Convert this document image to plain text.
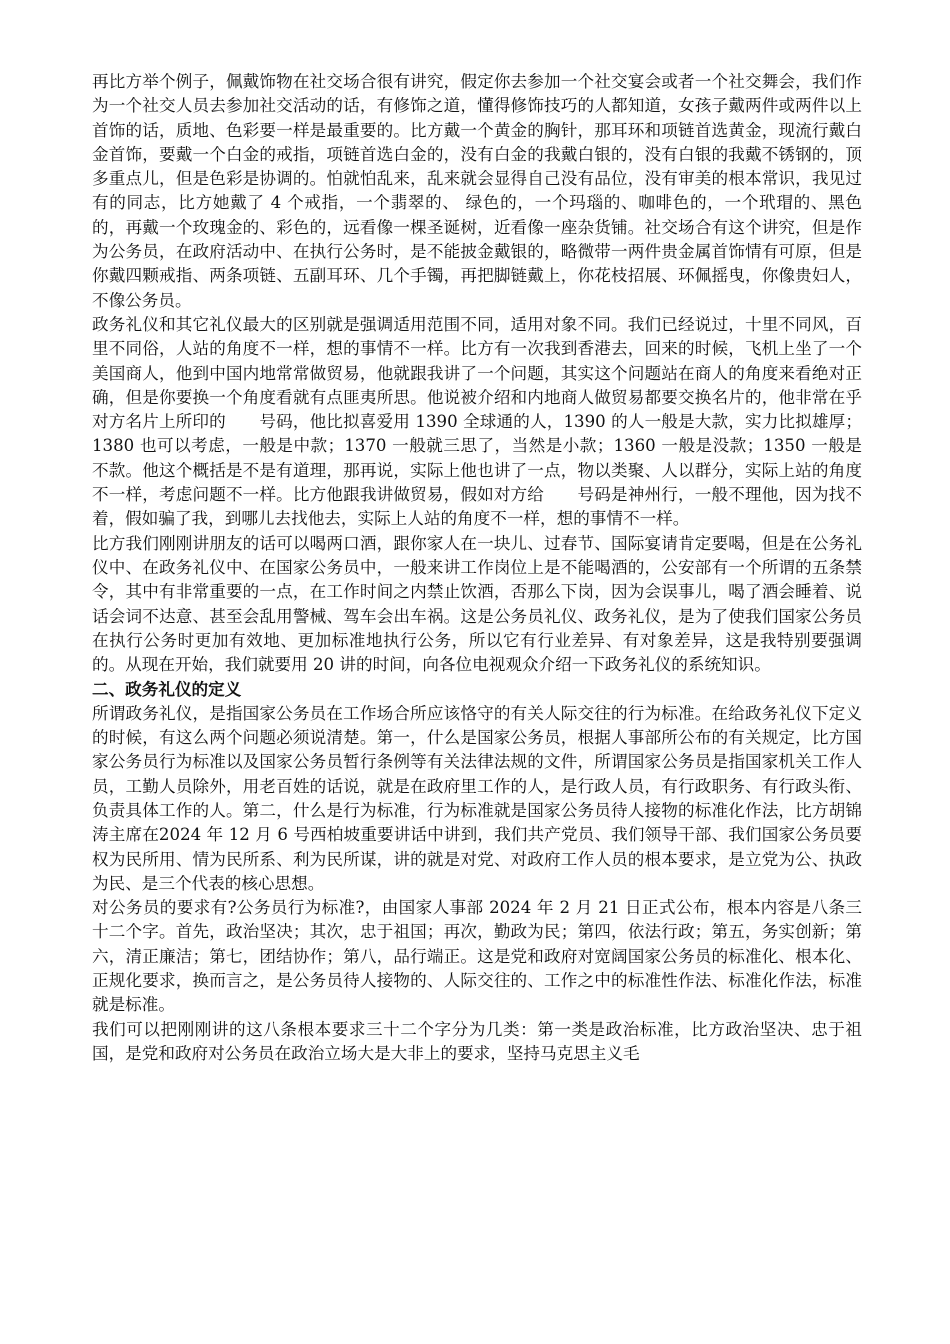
再比方举个例子，佩戴饰物在社交场合很有讲究，假定你去参加一个社交宴会或者一个社交舞会，我们作为一个社交人员去参加社交活动的话，有修饰之道，懂得修饰技巧的人都知道，女孩子戴两件或两件以上首饰的话，质地、色彩要一样是最重要的。比方戴一个黄金的胸针，那耳环和项链首选黄金，现流行戴白金首饰，要戴一个白金的戒指，项链首选白金的，没有白金的我戴白银的，没有白银的我戴不锈钢的，顶多重点儿，但是色彩是协调的。怕就怕乱来，乱来就会显得自己没有品位，没有审美的根本常识，我见过有的同志，比方她戴了 4 个戒指，一个翡翠的、 绿色的，一个玛瑙的、咖啡色的，一个玳瑁的、黑色的，再戴一个玫瑰金的、彩色的，远看像一棵圣诞树，近看像一座杂货铺。社交场合有这个讲究，但是作为公务员，在政府活动中、在执行公务时，是不能披金戴银的，略微带一两件贵金属首饰情有可原，但是你戴四颗戒指、两条项链、五副耳环、几个手镯，再把脚链戴上，你花枝招展、环佩摇曳，你像贵妇人，不像公务员。

政务礼仪和其它礼仪最大的区别就是强调适用范围不同，适用对象不同。我们已经说过，十里不同风，百里不同俗，人站的角度不一样，想的事情不一样。比方有一次我到香港去，回来的时候，飞机上坐了一个美国商人，他到中国内地常常做贸易，他就跟我讲了一个问题，其实这个问题站在商人的角度来看绝对正确，但是你要换一个角度看就有点匪夷所思。他说被介绍和内地商人做贸易都要交换名片的，他非常在乎对方名片上所印的　　号码，他比拟喜爱用 1390 全球通的人，1390 的人一般是大款，实力比拟雄厚；1380 也可以考虑，一般是中款；1370 一般就三思了，当然是小款；1360 一般是没款；1350 一般是不款。他这个概括是不是有道理，那再说，实际上他也讲了一点，物以类聚、人以群分，实际上站的角度不一样，考虑问题不一样。比方他跟我讲做贸易，假如对方给　　号码是神州行，一般不理他，因为找不着，假如骗了我，到哪儿去找他去，实际上人站的角度不一样，想的事情不一样。

比方我们刚刚讲朋友的话可以喝两口酒，跟你家人在一块儿、过春节、国际宴请肯定要喝，但是在公务礼仪中、在政务礼仪中、在国家公务员中，一般来讲工作岗位上是不能喝酒的，公安部有一个所谓的五条禁令，其中有非常重要的一点，在工作时间之内禁止饮酒，否那么下岗，因为会误事儿，喝了酒会睡着、说话会词不达意、甚至会乱用警械、驾车会出车祸。这是公务员礼仪、政务礼仪，是为了使我们国家公务员在执行公务时更加有效地、更加标准地执行公务，所以它有行业差异、有对象差异，这是我特别要强调的。从现在开始，我们就要用 20 讲的时间，向各位电视观众介绍一下政务礼仪的系统知识。

二、政务礼仪的定义

所谓政务礼仪，是指国家公务员在工作场合所应该恪守的有关人际交往的行为标准。在给政务礼仪下定义的时候，有这么两个问题必须说清楚。第一，什么是国家公务员，根据人事部所公布的有关规定，比方国家公务员行为标准以及国家公务员暂行条例等有关法律法规的文件，所谓国家公务员是指国家机关工作人员，工勤人员除外，用老百姓的话说，就是在政府里工作的人，是行政人员，有行政职务、有行政头衔、负责具体工作的人。第二，什么是行为标准，行为标准就是国家公务员待人接物的标准化作法，比方胡锦涛主席在2024 年 12 月 6 号西柏坡重要讲话中讲到，我们共产党员、我们领导干部、我们国家公务员要权为民所用、情为民所系、利为民所谋，讲的就是对党、对政府工作人员的根本要求，是立党为公、执政为民、是三个代表的核心思想。

对公务员的要求有?公务员行为标准?，由国家人事部 2024 年 2 月 21 日正式公布，根本内容是八条三十二个字。首先，政治坚决；其次，忠于祖国；再次，勤政为民；第四，依法行政；第五，务实创新；第六，清正廉洁；第七，团结协作；第八，品行端正。这是党和政府对宽阔国家公务员的标准化、根本化、正规化要求，换而言之，是公务员待人接物的、人际交往的、工作之中的标准性作法、标准化作法，标准就是标准。

我们可以把刚刚讲的这八条根本要求三十二个字分为几类：第一类是政治标准，比方政治坚决、忠于祖国，是党和政府对公务员在政治立场大是大非上的要求，坚持马克思主义毛
